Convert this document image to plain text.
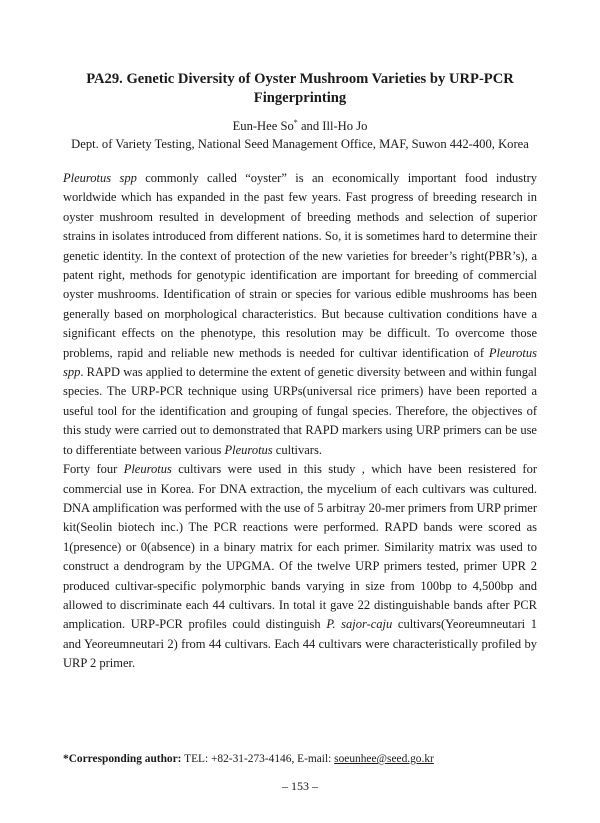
PA29. Genetic Diversity of Oyster Mushroom Varieties by URP-PCR
Fingerprinting
Eun-Hee So* and Ill-Ho Jo
Dept. of Variety Testing, National Seed Management Office, MAF, Suwon 442-400, Korea

Pleurotus spp commonly called “oyster” is an economically important food industry worldwide which has expanded in the past few years. Fast progress of breeding research in oyster mushroom resulted in development of breeding methods and selection of superior strains in isolates introduced from different nations. So, it is sometimes hard to determine their genetic identity. In the context of protection of the new varieties for breeder’s right(PBR’s), a patent right, methods for genotypic identification are important for breeding of commercial oyster mushrooms. Identification of strain or species for various edible mushrooms has been generally based on morphological characteristics. But because cultivation conditions have a significant effects on the phenotype, this resolution may be difficult. To overcome those problems, rapid and reliable new methods is needed for cultivar identification of Pleurotus spp. RAPD was applied to determine the extent of genetic diversity between and within fungal species. The URP-PCR technique using URPs(universal rice primers) have been reported a useful tool for the identification and grouping of fungal species. Therefore, the objectives of this study were carried out to demonstrated that RAPD markers using URP primers can be use to differentiate between various Pleurotus cultivars.

Forty four Pleurotus cultivars were used in this study , which have been resistered for commercial use in Korea. For DNA extraction, the mycelium of each cultivars was cultured. DNA amplification was performed with the use of 5 arbitray 20-mer primers from URP primer kit(Seolin biotech inc.) The PCR reactions were performed. RAPD bands were scored as 1(presence) or 0(absence) in a binary matrix for each primer. Similarity matrix was used to construct a dendrogram by the UPGMA. Of the twelve URP primers tested, primer UPR 2 produced cultivar-specific polymorphic bands varying in size from 100bp to 4,500bp and allowed to discriminate each 44 cultivars. In total it gave 22 distinguishable bands after PCR amplication. URP-PCR profiles could distinguish P. sajor-caju cultivars(Yeoreumneutari 1 and Yeoreumneutari 2) from 44 cultivars. Each 44 cultivars were characteristically profiled by URP 2 primer.

*Corresponding author: TEL: +82-31-273-4146, E-mail: soeunhee@seed.go.kr
– 153 –
